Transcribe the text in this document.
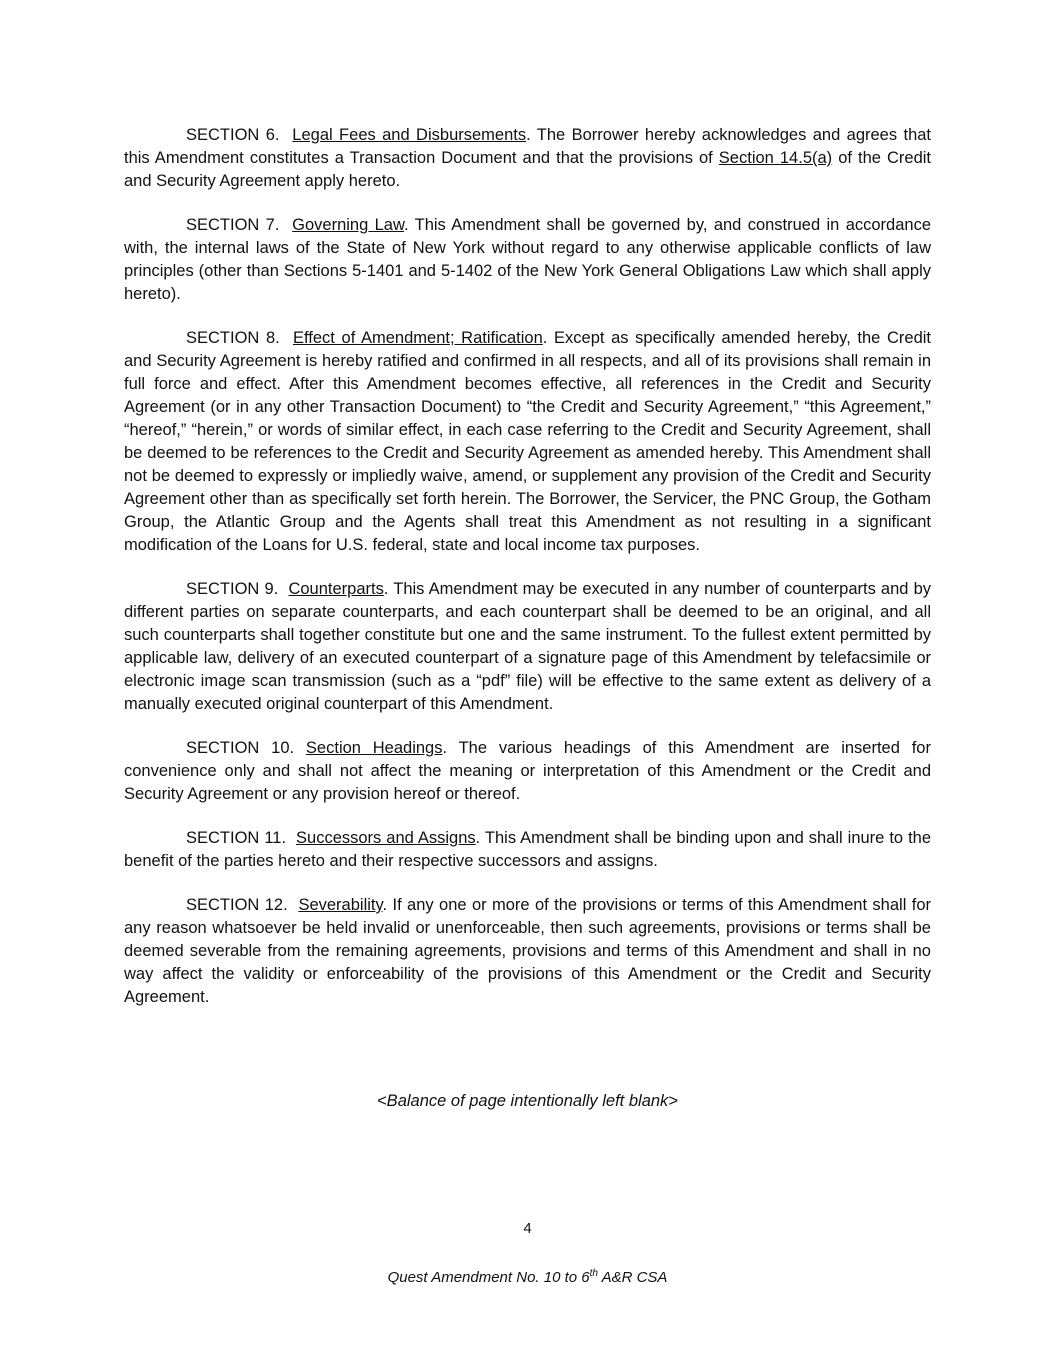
SECTION 6. Legal Fees and Disbursements. The Borrower hereby acknowledges and agrees that this Amendment constitutes a Transaction Document and that the provisions of Section 14.5(a) of the Credit and Security Agreement apply hereto.

SECTION 7. Governing Law. This Amendment shall be governed by, and construed in accordance with, the internal laws of the State of New York without regard to any otherwise applicable conflicts of law principles (other than Sections 5-1401 and 5-1402 of the New York General Obligations Law which shall apply hereto).

SECTION 8. Effect of Amendment; Ratification. Except as specifically amended hereby, the Credit and Security Agreement is hereby ratified and confirmed in all respects, and all of its provisions shall remain in full force and effect. After this Amendment becomes effective, all references in the Credit and Security Agreement (or in any other Transaction Document) to “the Credit and Security Agreement,” “this Agreement,” “hereof,” “herein,” or words of similar effect, in each case referring to the Credit and Security Agreement, shall be deemed to be references to the Credit and Security Agreement as amended hereby. This Amendment shall not be deemed to expressly or impliedly waive, amend, or supplement any provision of the Credit and Security Agreement other than as specifically set forth herein. The Borrower, the Servicer, the PNC Group, the Gotham Group, the Atlantic Group and the Agents shall treat this Amendment as not resulting in a significant modification of the Loans for U.S. federal, state and local income tax purposes.

SECTION 9. Counterparts. This Amendment may be executed in any number of counterparts and by different parties on separate counterparts, and each counterpart shall be deemed to be an original, and all such counterparts shall together constitute but one and the same instrument. To the fullest extent permitted by applicable law, delivery of an executed counterpart of a signature page of this Amendment by telefacsimile or electronic image scan transmission (such as a “pdf” file) will be effective to the same extent as delivery of a manually executed original counterpart of this Amendment.

SECTION 10. Section Headings. The various headings of this Amendment are inserted for convenience only and shall not affect the meaning or interpretation of this Amendment or the Credit and Security Agreement or any provision hereof or thereof.

SECTION 11. Successors and Assigns. This Amendment shall be binding upon and shall inure to the benefit of the parties hereto and their respective successors and assigns.

SECTION 12. Severability. If any one or more of the provisions or terms of this Amendment shall for any reason whatsoever be held invalid or unenforceable, then such agreements, provisions or terms shall be deemed severable from the remaining agreements, provisions and terms of this Amendment and shall in no way affect the validity or enforceability of the provisions of this Amendment or the Credit and Security Agreement.

<Balance of page intentionally left blank>
4
Quest Amendment No. 10 to 6th A&R CSA
